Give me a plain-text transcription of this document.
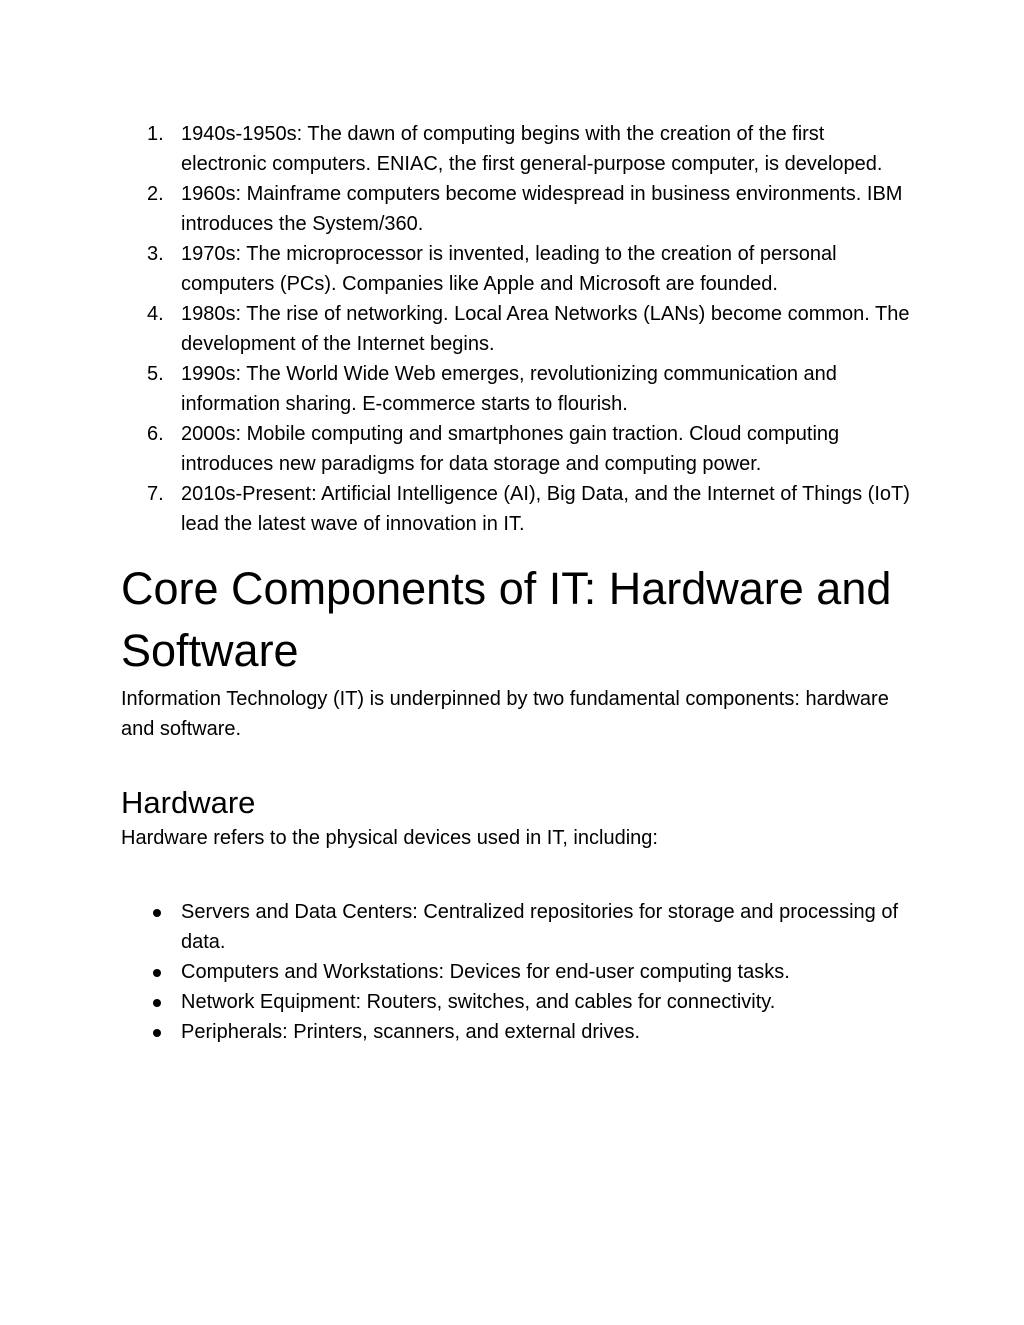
1. 1940s-1950s: The dawn of computing begins with the creation of the first electronic computers. ENIAC, the first general-purpose computer, is developed.
2. 1960s: Mainframe computers become widespread in business environments. IBM introduces the System/360.
3. 1970s: The microprocessor is invented, leading to the creation of personal computers (PCs). Companies like Apple and Microsoft are founded.
4. 1980s: The rise of networking. Local Area Networks (LANs) become common. The development of the Internet begins.
5. 1990s: The World Wide Web emerges, revolutionizing communication and information sharing. E-commerce starts to flourish.
6. 2000s: Mobile computing and smartphones gain traction. Cloud computing introduces new paradigms for data storage and computing power.
7. 2010s-Present: Artificial Intelligence (AI), Big Data, and the Internet of Things (IoT) lead the latest wave of innovation in IT.
Core Components of IT: Hardware and Software

Information Technology (IT) is underpinned by two fundamental components: hardware and software.

Hardware

Hardware refers to the physical devices used in IT, including:

Servers and Data Centers: Centralized repositories for storage and processing of data.
Computers and Workstations: Devices for end-user computing tasks.
Network Equipment: Routers, switches, and cables for connectivity.
Peripherals: Printers, scanners, and external drives.
